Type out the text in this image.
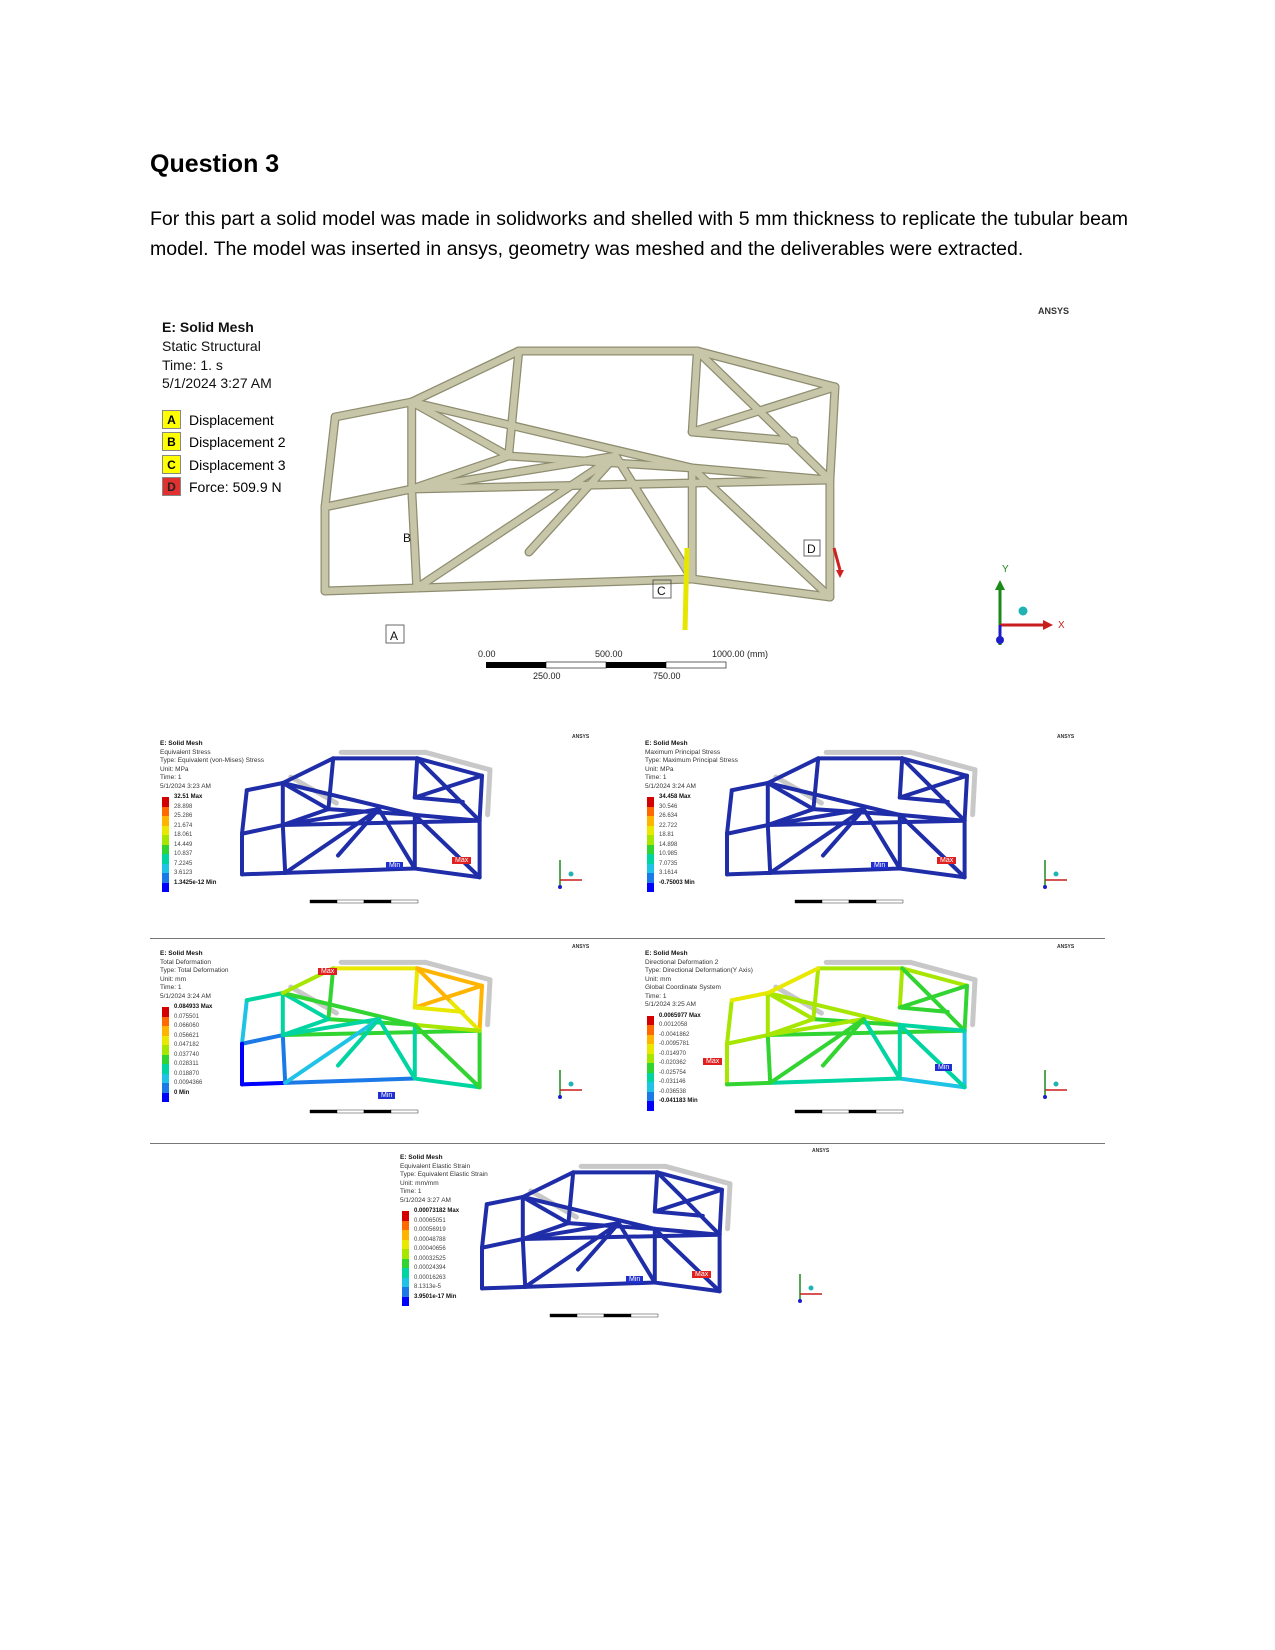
Question 3
For this part a solid model was made in solidworks and shelled with 5 mm thickness to replicate the tubular beam model. The model was inserted in ansys, geometry was meshed and the deliverables were extracted.
E: Solid Mesh
Static Structural
Time: 1. s
5/1/2024 3:27 AM
A Displacement
B Displacement 2
C Displacement 3
D Force: 509.9 N
ANSYS
A
B
C
D
Y
X
0.00	500.00	1000.00 (mm)
250.00	750.00
E: Solid Mesh
Equivalent Stress
Type: Equivalent (von-Mises) Stress
Unit: MPa
Time: 1
5/1/2024 3:23 AM
32.51 Max
28.898
25.286
21.674
18.061
14.449
10.837
7.2245
3.6123
1.3425e-12 Min
ANSYS
Max
Min
E: Solid Mesh
Maximum Principal Stress
Type: Maximum Principal Stress
Unit: MPa
Time: 1
5/1/2024 3:24 AM
34.458 Max
30.546
26.634
22.722
18.81
14.898
10.985
7.0735
3.1614
-0.75003 Min
ANSYS
Max
Min
E: Solid Mesh
Total Deformation
Type: Total Deformation
Unit: mm
Time: 1
5/1/2024 3:24 AM
0.084933 Max
0.075501
0.066060
0.056621
0.047182
0.037740
0.028311
0.018870
0.0094366
0 Min
ANSYS
Max
Min
E: Solid Mesh
Directional Deformation 2
Type: Directional Deformation(Y Axis)
Unit: mm
Global Coordinate System
Time: 1
5/1/2024 3:25 AM
0.0065977 Max
0.0012058
-0.0041862
-0.0095781
-0.014970
-0.020362
-0.025754
-0.031146
-0.036538
-0.041183 Min
ANSYS
Max
Min
E: Solid Mesh
Equivalent Elastic Strain
Type: Equivalent Elastic Strain
Unit: mm/mm
Time: 1
5/1/2024 3:27 AM
0.00073182 Max
0.00065051
0.00056919
0.00048788
0.00040656
0.00032525
0.00024394
0.00016263
8.1313e-5
3.9501e-17 Min
ANSYS
Max
Min
